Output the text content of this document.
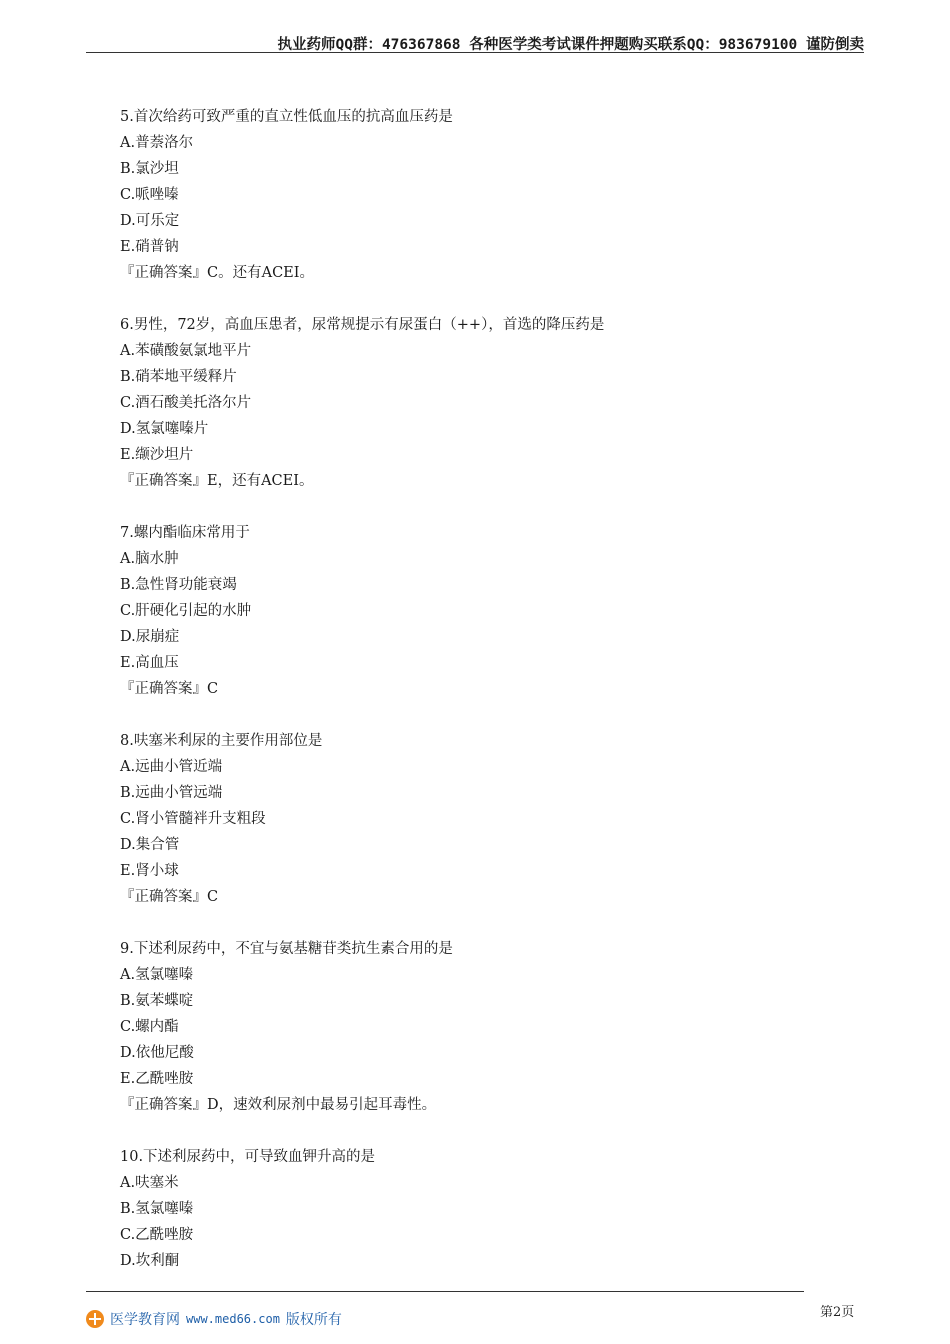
执业药师QQ群：476367868 各种医学类考试课件押题购买联系QQ：983679100 谨防倒卖
5.首次给药可致严重的直立性低血压的抗高血压药是
A.普萘洛尔
B.氯沙坦
C.哌唑嗪
D.可乐定
E.硝普钠
『正确答案』C。还有ACEI。
6.男性，72岁，高血压患者，尿常规提示有尿蛋白（++），首选的降压药是
A.苯磺酸氨氯地平片
B.硝苯地平缓释片
C.酒石酸美托洛尔片
D.氢氯噻嗪片
E.缬沙坦片
『正确答案』E，还有ACEI。
7.螺内酯临床常用于
A.脑水肿
B.急性肾功能衰竭
C.肝硬化引起的水肿
D.尿崩症
E.高血压
『正确答案』C
8.呋塞米利尿的主要作用部位是
A.远曲小管近端
B.远曲小管远端
C.肾小管髓袢升支粗段
D.集合管
E.肾小球
『正确答案』C
9.下述利尿药中，不宜与氨基糖苷类抗生素合用的是
A.氢氯噻嗪
B.氨苯蝶啶
C.螺内酯
D.依他尼酸
E.乙酰唑胺
『正确答案』D，速效利尿剂中最易引起耳毒性。
10.下述利尿药中，可导致血钾升高的是
A.呋塞米
B.氢氯噻嗪
C.乙酰唑胺
D.坎利酮
医学教育网 www.med66.com 版权所有	第2页
